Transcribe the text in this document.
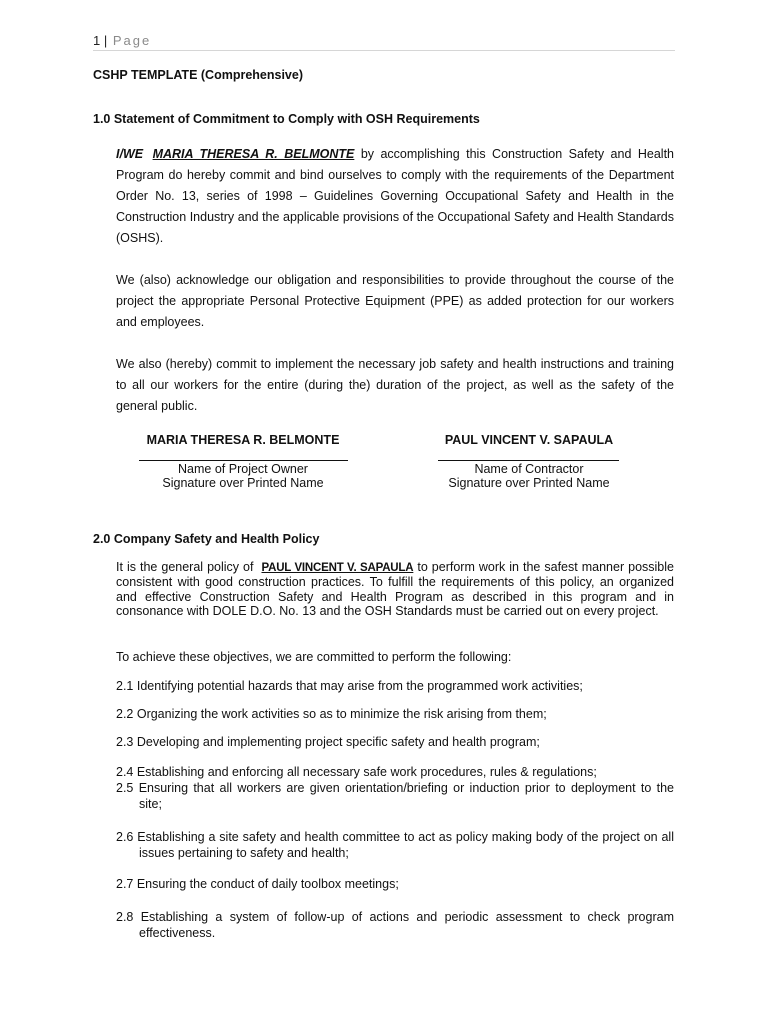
1 | Page
CSHP TEMPLATE (Comprehensive)
1.0 Statement of Commitment to Comply with OSH Requirements
I/WE MARIA THERESA R. BELMONTE by accomplishing this Construction Safety and Health Program do hereby commit and bind ourselves to comply with the requirements of the Department Order No. 13, series of 1998 – Guidelines Governing Occupational Safety and Health in the Construction Industry and the applicable provisions of the Occupational Safety and Health Standards (OSHS).
We (also) acknowledge our obligation and responsibilities to provide throughout the course of the project the appropriate Personal Protective Equipment (PPE) as added protection for our workers and employees.
We also (hereby) commit to implement the necessary job safety and health instructions and training to all our workers for the entire (during the) duration of the project, as well as the safety of the general public.
MARIA THERESA R. BELMONTE
Name of Project Owner
Signature over Printed Name
PAUL VINCENT V. SAPAULA
Name of Contractor
Signature over Printed Name
2.0 Company Safety and Health Policy
It is the general policy of PAUL VINCENT V. SAPAULA to perform work in the safest manner possible consistent with good construction practices. To fulfill the requirements of this policy, an organized and effective Construction Safety and Health Program as described in this program and in consonance with DOLE D.O. No. 13 and the OSH Standards must be carried out on every project.
To achieve these objectives, we are committed to perform the following:
2.1 Identifying potential hazards that may arise from the programmed work activities;
2.2 Organizing the work activities so as to minimize the risk arising from them;
2.3 Developing and implementing project specific safety and health program;
2.4 Establishing and enforcing all necessary safe work procedures, rules & regulations;
2.5 Ensuring that all workers are given orientation/briefing or induction prior to deployment to the site;
2.6 Establishing a site safety and health committee to act as policy making body of the project on all issues pertaining to safety and health;
2.7 Ensuring the conduct of daily toolbox meetings;
2.8 Establishing a system of follow-up of actions and periodic assessment to check program effectiveness.
